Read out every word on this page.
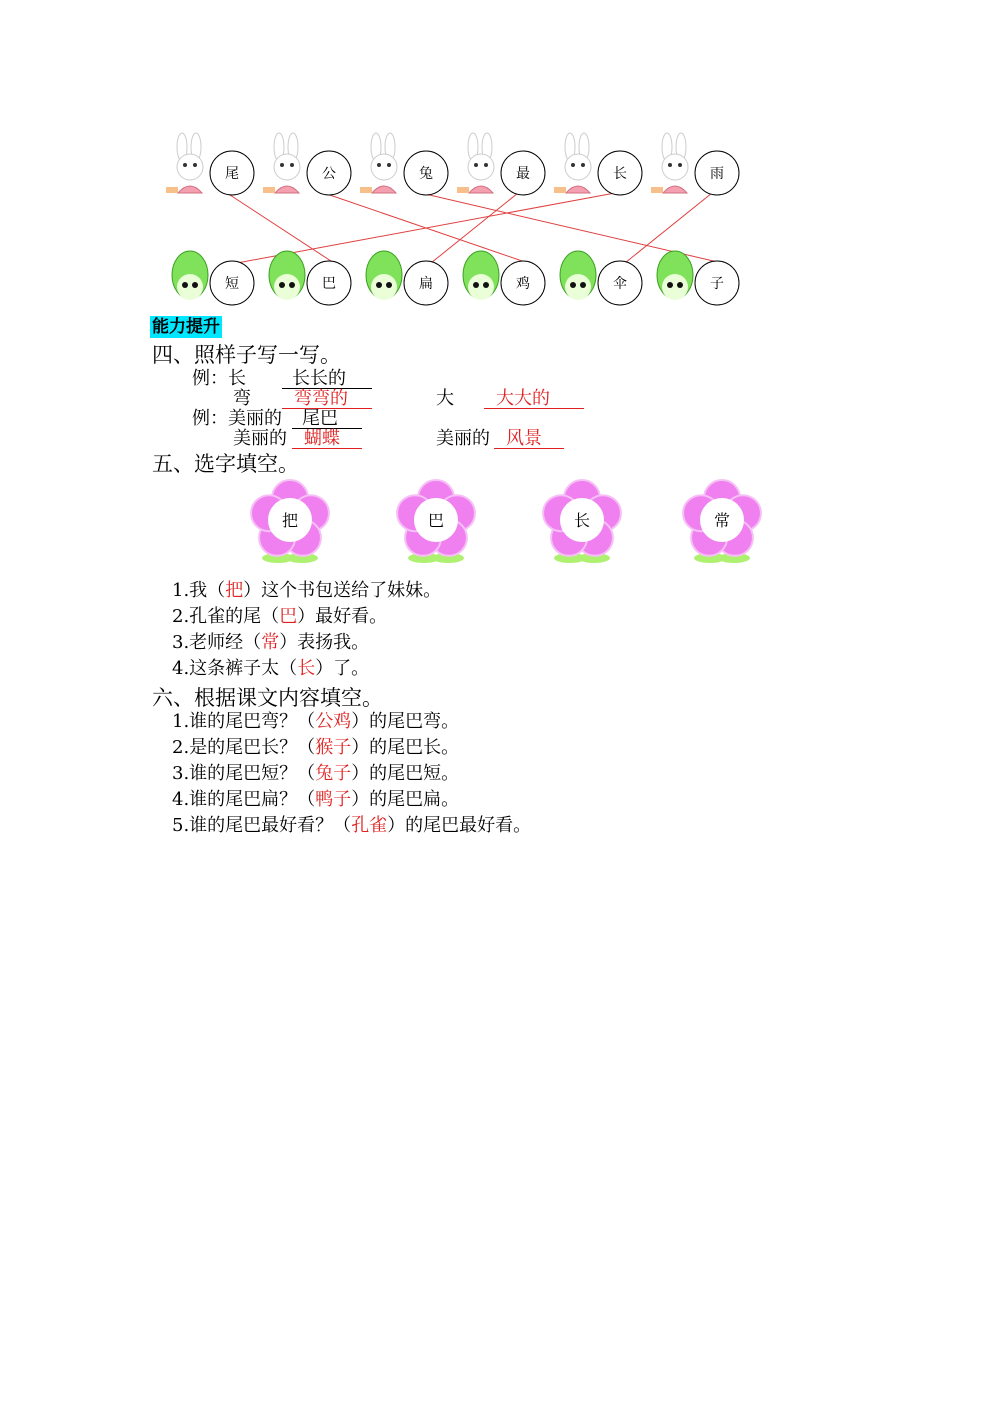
尾	公	兔	最	长	雨
短	巴	扁	鸡	伞	子
能力提升
四、照样子写一写。
例：长	长长的
弯 弯弯的	大 大大的
例：美丽的 尾巴
美丽的 蝴蝶	美丽的 风景
五、选字填空。
把	巴	长	常
1.我（把）这个书包送给了妹妹。
2.孔雀的尾（巴）最好看。
3.老师经（常）表扬我。
4.这条裤子太（长）了。
六、根据课文内容填空。
1.谁的尾巴弯？（公鸡）的尾巴弯。
2.是的尾巴长？（猴子）的尾巴长。
3.谁的尾巴短？（兔子）的尾巴短。
4.谁的尾巴扁？（鸭子）的尾巴扁。
5.谁的尾巴最好看？（孔雀）的尾巴最好看。
